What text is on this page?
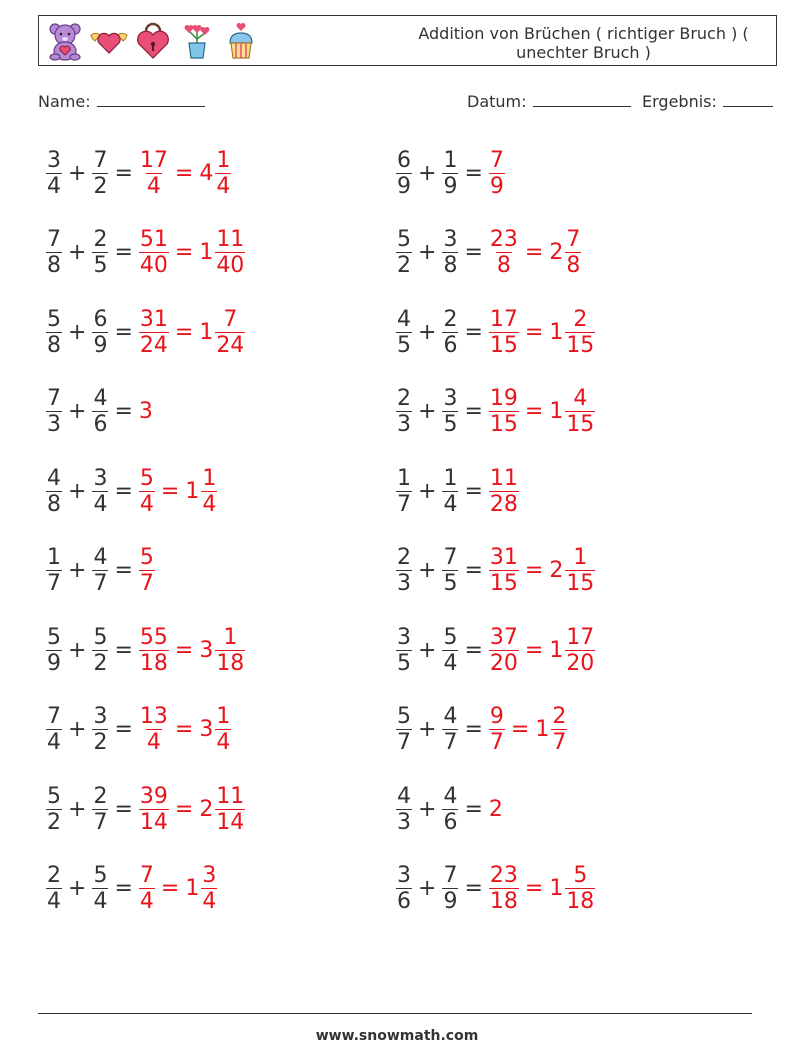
Addition von Brüchen ( richtiger Bruch ) ( unechter Bruch )
Name:	Datum:	Ergebnis:
$\frac{3}{4} + \frac{7}{2} = \frac{17}{4} = 4 \frac{1}{4}$	$\frac{6}{9} + \frac{1}{9} = \frac{7}{9}$
$\frac{7}{8} + \frac{2}{5} = \frac{51}{40} = 1 \frac{11}{40}$	$\frac{5}{2} + \frac{3}{8} = \frac{23}{8} = 2 \frac{7}{8}$
$\frac{5}{8} + \frac{6}{9} = \frac{31}{24} = 1 \frac{7}{24}$	$\frac{4}{5} + \frac{2}{6} = \frac{17}{15} = 1 \frac{2}{15}$
$\frac{7}{3} + \frac{4}{6} = 3$	$\frac{2}{3} + \frac{3}{5} = \frac{19}{15} = 1 \frac{4}{15}$
$\frac{4}{8} + \frac{3}{4} = \frac{5}{4} = 1 \frac{1}{4}$	$\frac{1}{7} + \frac{1}{4} = \frac{11}{28}$
$\frac{1}{7} + \frac{4}{7} = \frac{5}{7}$	$\frac{2}{3} + \frac{7}{5} = \frac{31}{15} = 2 \frac{1}{15}$
$\frac{5}{9} + \frac{5}{2} = \frac{55}{18} = 3 \frac{1}{18}$	$\frac{3}{5} + \frac{5}{4} = \frac{37}{20} = 1 \frac{17}{20}$
$\frac{7}{4} + \frac{3}{2} = \frac{13}{4} = 3 \frac{1}{4}$	$\frac{5}{7} + \frac{4}{7} = \frac{9}{7} = 1 \frac{2}{7}$
$\frac{5}{2} + \frac{2}{7} = \frac{39}{14} = 2 \frac{11}{14}$	$\frac{4}{3} + \frac{4}{6} = 2$
$\frac{2}{4} + \frac{5}{4} = \frac{7}{4} = 1 \frac{3}{4}$	$\frac{3}{6} + \frac{7}{9} = \frac{23}{18} = 1 \frac{5}{18}$
www.snowmath.com
